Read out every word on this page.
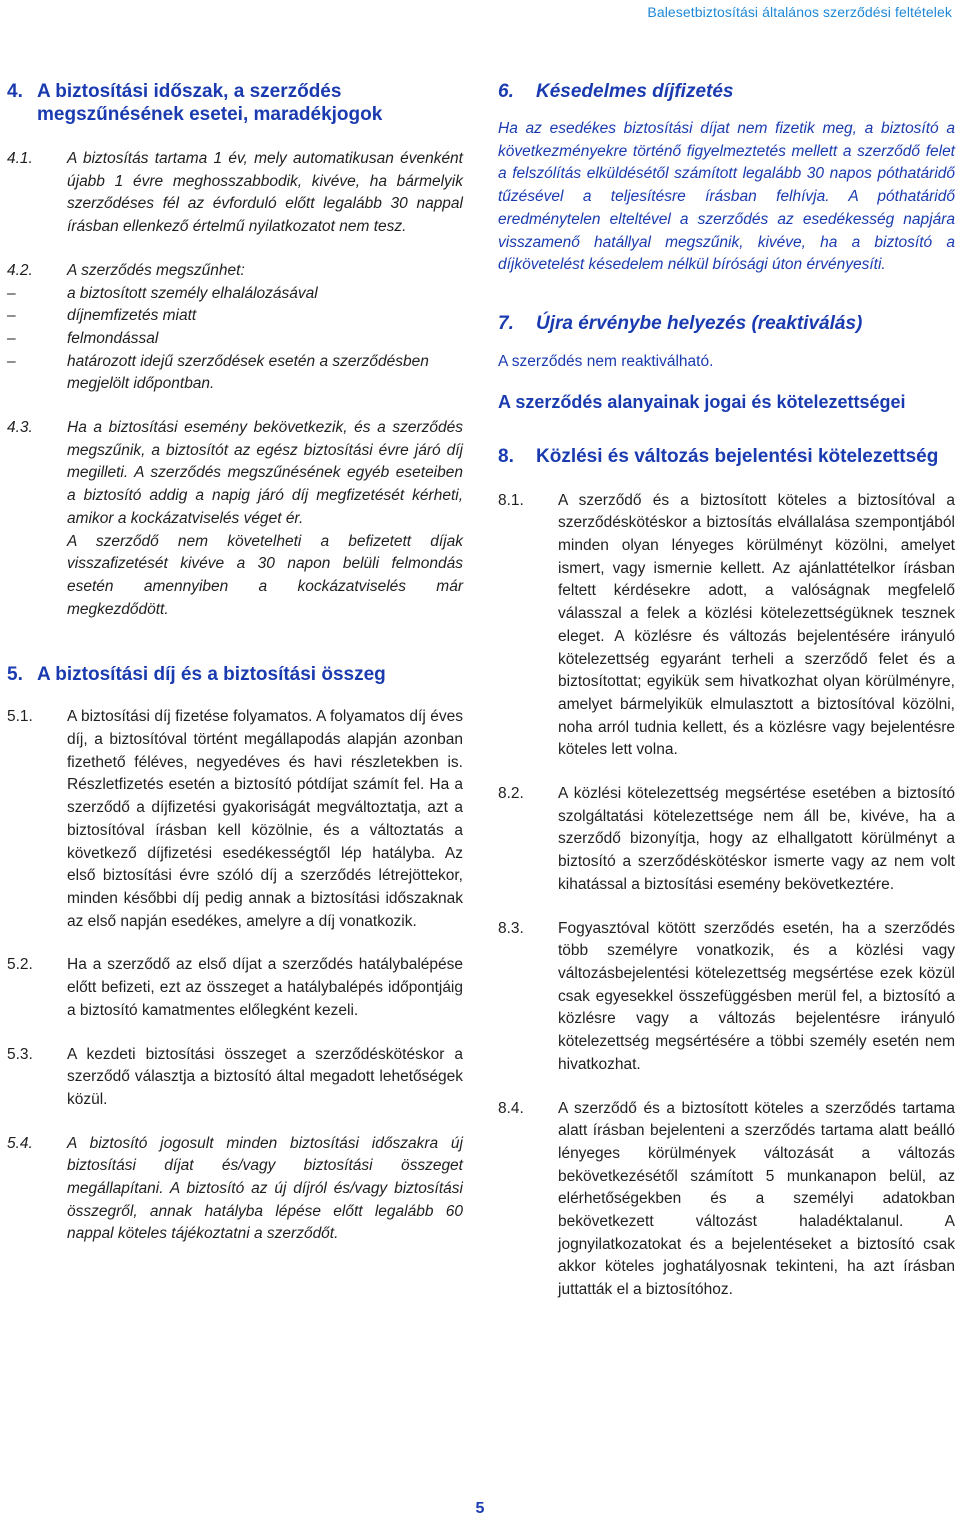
Balesetbiztosítási általános szerződési feltételek
4. A biztosítási időszak, a szerződés megszűnésének esetei, maradékjogok
4.1.	A biztosítás tartama 1 év, mely automatikusan évenként újabb 1 évre meghosszabbodik, kivéve, ha bármelyik szerződéses fél az évforduló előtt legalább 30 nappal írásban ellenkező értelmű nyilatkozatot nem tesz.
4.2.	A szerződés megszűnhet:
–	a biztosított személy elhalálozásával
–	díjnemfizetés miatt
–	felmondással
–	határozott idejű szerződések esetén a szerződésben megjelölt időpontban.
4.3.	Ha a biztosítási esemény bekövetkezik, és a szerződés megszűnik, a biztosítót az egész biztosítási évre járó díj megilleti. A szerződés megszűnésének egyéb eseteiben a biztosító addig a napig járó díj megfizetését kérheti, amikor a kockázatviselés véget ér.
A szerződő nem követelheti a befizetett díjak visszafizetését kivéve a 30 napon belüli felmondás esetén amennyiben a kockázatviselés már megkezdődött.
5. A biztosítási díj és a biztosítási összeg
5.1.	A biztosítási díj fizetése folyamatos. A folyamatos díj éves díj, a biztosítóval történt megállapodás alapján azonban fizethető féléves, negyedéves és havi részletekben is. Részletfizetés esetén a biztosító pótdíjat számít fel. Ha a szerződő a díjfizetési gyakoriságát megváltoztatja, azt a biztosítóval írásban kell közölnie, és a változtatás a következő díjfizetési esedékességtől lép hatályba. Az első biztosítási évre szóló díj a szerződés létrejöttekor, minden későbbi díj pedig annak a biztosítási időszaknak az első napján esedékes, amelyre a díj vonatkozik.
5.2.	Ha a szerződő az első díjat a szerződés hatálybalépése előtt befizeti, ezt az összeget a hatálybalépés időpontjáig a biztosító kamatmentes előlegként kezeli.
5.3.	A kezdeti biztosítási összeget a szerződéskötéskor a szerződő választja a biztosító által megadott lehetőségek közül.
5.4.	A biztosító jogosult minden biztosítási időszakra új biztosítási díjat és/vagy biztosítási összeget megállapítani. A biztosító az új díjról és/vagy biztosítási összegről, annak hatályba lépése előtt legalább 60 nappal köteles tájékoztatni a szerződőt.
6.	Késedelmes díjfizetés
Ha az esedékes biztosítási díjat nem fizetik meg, a biztosító a következményekre történő figyelmeztetés mellett a szerződő felet a felszólítás elküldésétől számított legalább 30 napos póthatáridő tűzésével a teljesítésre írásban felhívja. A póthatáridő eredménytelen elteltével a szerződés az esedékesség napjára visszamenő hatállyal megszűnik, kivéve, ha a biztosító a díjkövetelést késedelem nélkül bírósági úton érvényesíti.
7.	Újra érvénybe helyezés (reaktiválás)
A szerződés nem reaktiválható.
A szerződés alanyainak jogai és kötelezettségei
8.	Közlési és változás bejelentési kötelezettség
8.1.	A szerződő és a biztosított köteles a biztosítóval a szerződéskötéskor a biztosítás elvállalása szempontjából minden olyan lényeges körülményt közölni, amelyet ismert, vagy ismernie kellett. Az ajánlattételkor írásban feltett kérdésekre adott, a valóságnak megfelelő válasszal a felek a közlési kötelezettségüknek tesznek eleget. A közlésre és változás bejelentésére irányuló kötelezettség egyaránt terheli a szerződő felet és a biztosítottat; egyikük sem hivatkozhat olyan körülményre, amelyet bármelyikük elmulasztott a biztosítóval közölni, noha arról tudnia kellett, és a közlésre vagy bejelentésre köteles lett volna.
8.2.	A közlési kötelezettség megsértése esetében a biztosító szolgáltatási kötelezettsége nem áll be, kivéve, ha a szerződő bizonyítja, hogy az elhallgatott körülményt a biztosító a szerződéskötéskor ismerte vagy az nem volt kihatással a biztosítási esemény bekövetkeztére.
8.3.	Fogyasztóval kötött szerződés esetén, ha a szerződés több személyre vonatkozik, és a közlési vagy változásbejelentési kötelezettség megsértése ezek közül csak egyesekkel összefüggésben merül fel, a biztosító a közlésre vagy a változás bejelentésre irányuló kötelezettség megsértésére a többi személy esetén nem hivatkozhat.
8.4.	A szerződő és a biztosított köteles a szerződés tartama alatt írásban bejelenteni a szerződés tartama alatt beálló lényeges körülmények változását a változás bekövetkezésétől számított 5 munkanapon belül, az elérhetőségekben és a személyi adatokban bekövetkezett változást haladéktalanul. A jognyilatkozatokat és a bejelentéseket a biztosító csak akkor köteles joghatályosnak tekinteni, ha azt írásban juttatták el a biztosítóhoz.
5
